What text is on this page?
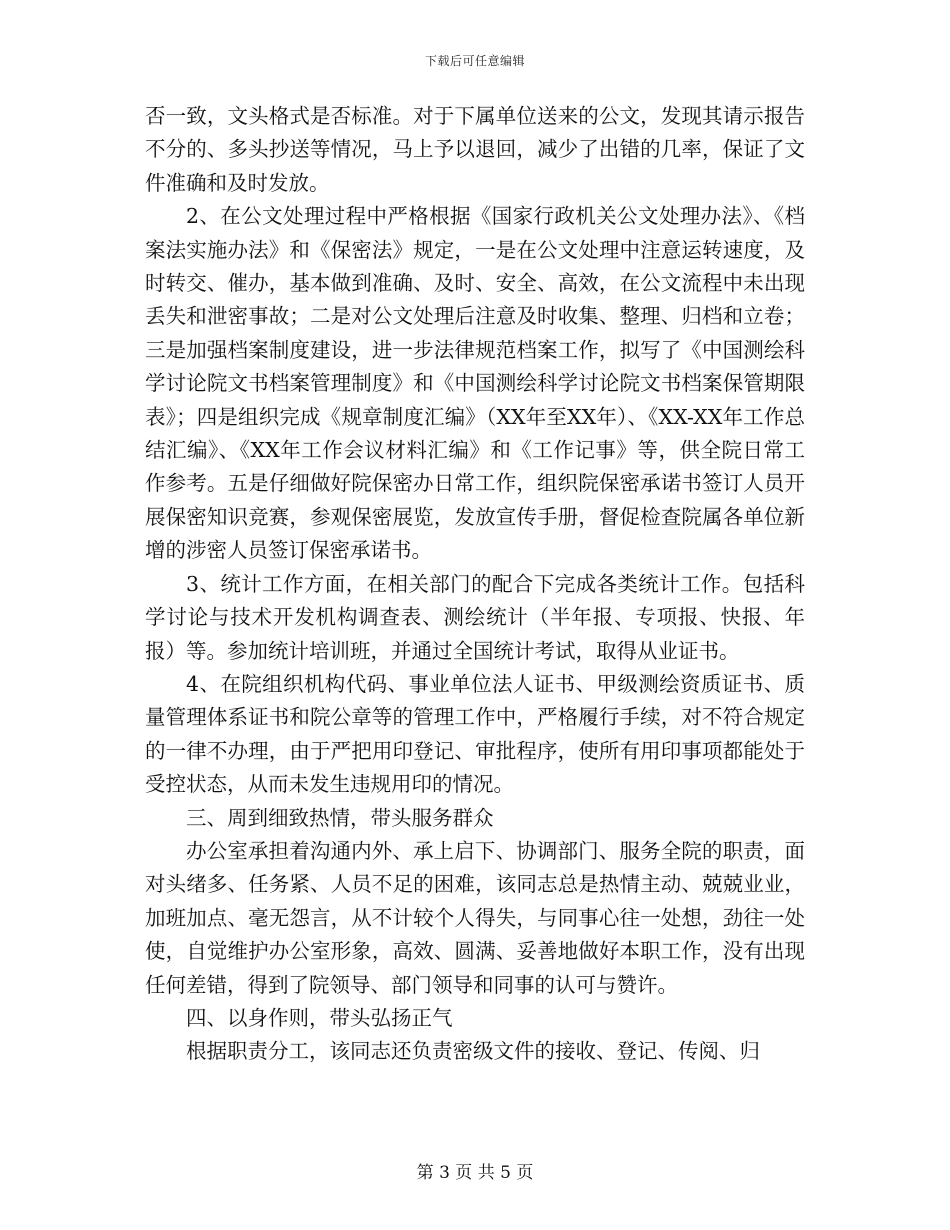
下载后可任意编辑

否一致，文头格式是否标准。对于下属单位送来的公文，发现其请示报告不分的、多头抄送等情况，马上予以退回，减少了出错的几率，保证了文件准确和及时发放。

2、在公文处理过程中严格根据《国家行政机关公文处理办法》、《档案法实施办法》和《保密法》规定，一是在公文处理中注意运转速度，及时转交、催办，基本做到准确、及时、安全、高效，在公文流程中未出现丢失和泄密事故；二是对公文处理后注意及时收集、整理、归档和立卷；三是加强档案制度建设，进一步法律规范档案工作，拟写了《中国测绘科学讨论院文书档案管理制度》和《中国测绘科学讨论院文书档案保管期限表》；四是组织完成《规章制度汇编》（XX年至XX年）、《XX-XX年工作总结汇编》、《XX年工作会议材料汇编》和《工作记事》等，供全院日常工作参考。五是仔细做好院保密办日常工作，组织院保密承诺书签订人员开展保密知识竞赛，参观保密展览，发放宣传手册，督促检查院属各单位新增的涉密人员签订保密承诺书。

3、统计工作方面，在相关部门的配合下完成各类统计工作。包括科学讨论与技术开发机构调查表、测绘统计（半年报、专项报、快报、年报）等。参加统计培训班，并通过全国统计考试，取得从业证书。

4、在院组织机构代码、事业单位法人证书、甲级测绘资质证书、质量管理体系证书和院公章等的管理工作中，严格履行手续，对不符合规定的一律不办理，由于严把用印登记、审批程序，使所有用印事项都能处于受控状态，从而未发生违规用印的情况。

三、周到细致热情，带头服务群众

办公室承担着沟通内外、承上启下、协调部门、服务全院的职责，面对头绪多、任务紧、人员不足的困难，该同志总是热情主动、兢兢业业，加班加点、毫无怨言，从不计较个人得失，与同事心往一处想，劲往一处使，自觉维护办公室形象，高效、圆满、妥善地做好本职工作，没有出现任何差错，得到了院领导、部门领导和同事的认可与赞许。

四、以身作则，带头弘扬正气

根据职责分工，该同志还负责密级文件的接收、登记、传阅、归

第 3 页 共 5 页
